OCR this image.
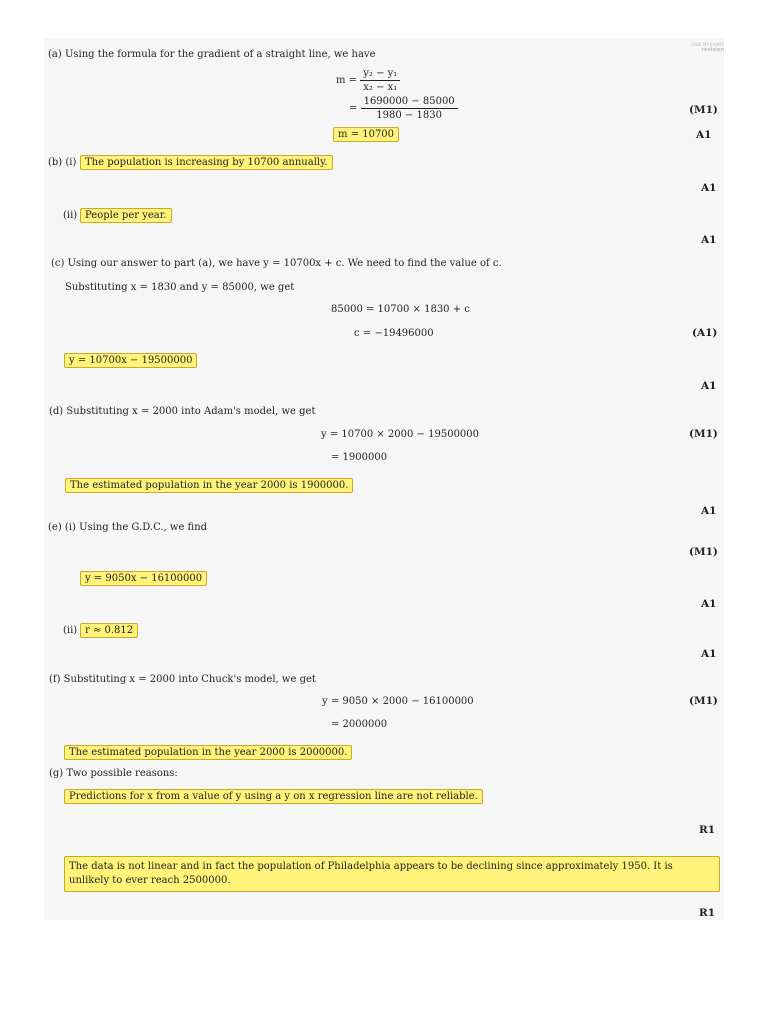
SAVE MY EXAMS
revision
(a) Using the formula for the gradient of a straight line, we have
$m = \frac{\text{y₂ − y₁}}{\text{x₂ − x₁}}$
= $\frac{1690000 - 85000}{1980 - 1830}$	(M1)
m = 10700	A1
(b) (i) The population is increasing by 10700 annually.
A1
(ii) People per year.
A1
(c) Using our answer to part (a), we have y = 10700x + c. We need to find the value of c.
Substituting x = 1830 and y = 85000, we get
85000 = 10700 × 1830 + c
c = −19496000	(A1)
y = 10700x − 19500000
A1
(d) Substituting x = 2000 into Adam's model, we get
y = 10700 × 2000 − 19500000	(M1)
= 1900000
The estimated population in the year 2000 is 1900000.
A1
(e) (i) Using the G.D.C., we find
(M1)
y = 9050x − 16100000
A1
(ii) r ≈ 0.812
A1
(f) Substituting x = 2000 into Chuck's model, we get
y = 9050 × 2000 − 16100000	(M1)
= 2000000
The estimated population in the year 2000 is 2000000.
(g) Two possible reasons:
Predictions for x from a value of y using a y on x regression line are not reliable.
R1
The data is not linear and in fact the population of Philadelphia appears to be declining since approximately 1950. It is unlikely to ever reach 2500000.
R1
